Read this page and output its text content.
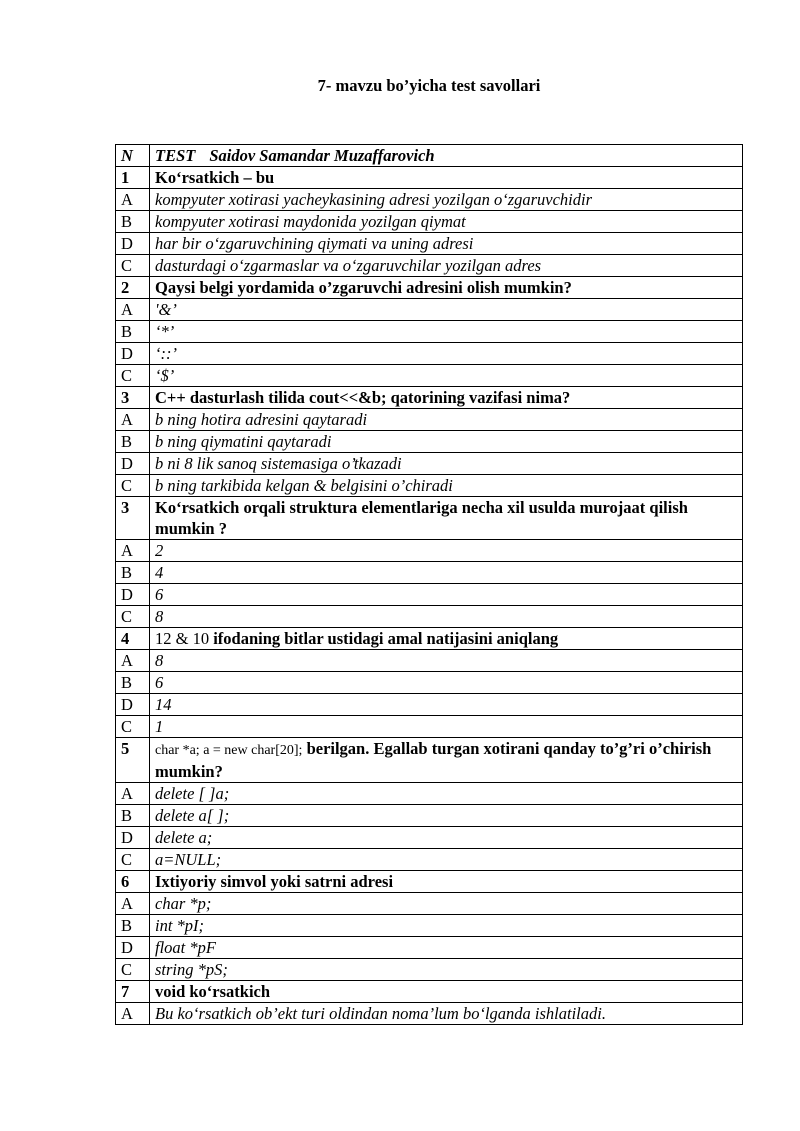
7- mavzu bo’yicha test savollari
N	TEST Saidov Samandar Muzaffarovich
1	Ko‘rsatkich – bu
A	kompyuter xotirasi yacheykasining adresi yozilgan o‘zgaruvchidir
B	kompyuter xotirasi maydonida yozilgan qiymat
D	har bir o‘zgaruvchining qiymati va uning adresi
C	dasturdagi o‘zgarmaslar va o‘zgaruvchilar yozilgan adres
2	Qaysi belgi yordamida o’zgaruvchi adresini olish mumkin?
A	'&’
B	‘*’
D	‘::’
C	‘$’
3	C++ dasturlash tilida cout<<&b; qatorining vazifasi nima?
A	b ning hotira adresini qaytaradi
B	b ning qiymatini qaytaradi
D	b ni 8 lik sanoq sistemasiga o’tkazadi
C	b ning tarkibida kelgan & belgisini o’chiradi
3	Ko‘rsatkich orqali struktura elementlariga necha xil usulda murojaat qilish mumkin ?
A	2
B	4
D	6
C	8
4	12 & 10 ifodaning bitlar ustidagi amal natijasini aniqlang
A	8
B	6
D	14
C	1
5	char *a; a = new char[20]; berilgan. Egallab turgan xotirani qanday to’g’ri o’chirish mumkin?
A	delete [ ]a;
B	delete a[ ];
D	delete a;
C	a=NULL;
6	Ixtiyoriy simvol yoki satrni adresi
A	char *p;
B	int *pI;
D	float *pF
C	string *pS;
7	void ko‘rsatkich
A	Bu ko‘rsatkich ob’ekt turi oldindan noma’lum bo‘lganda ishlatiladi.
